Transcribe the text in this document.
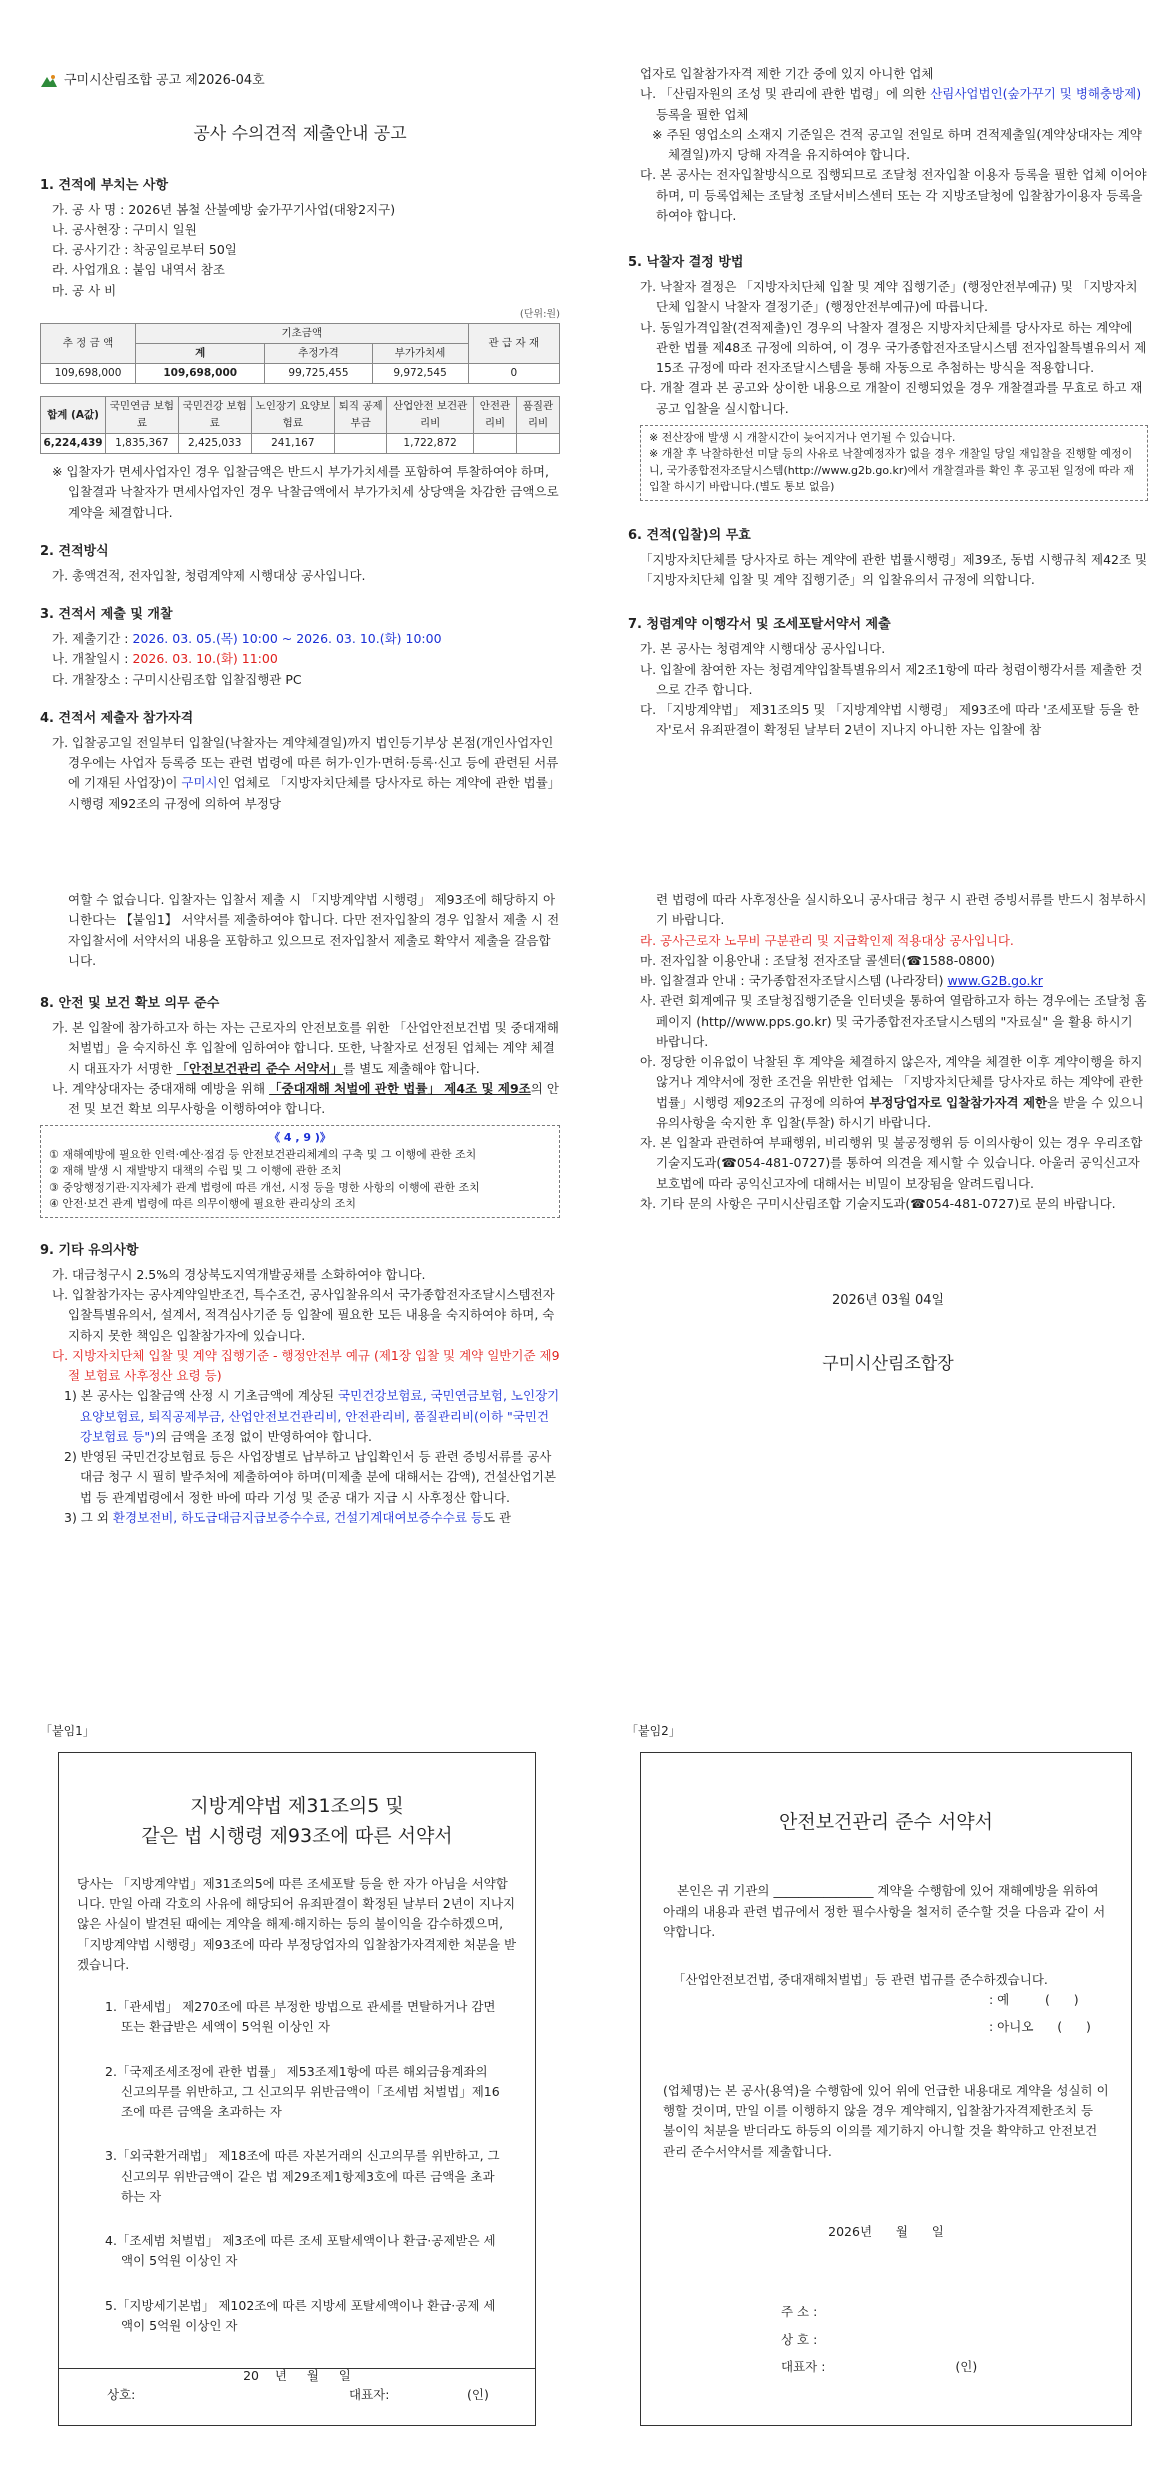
구미시산림조합 공고 제2026-04호
공사 수의견적 제출안내 공고
1. 견적에 부치는 사항

가. 공 사 명 : 2026년 봄철 산불예방 숲가꾸기사업(대왕2지구)

나. 공사현장 : 구미시 일원

다. 공사기간 : 착공일로부터 50일

라. 사업개요 : 붙임 내역서 참조

마. 공 사 비

(단위:원)
추 정 금 액	기초금액			관 급 자 재
	계	추정가격	부가가치세	
109,698,000	109,698,000	99,725,455	9,972,545	0
합계 (A값)	국민연금 보험료	국민건강 보험료	노인장기 요양보험료	퇴직 공제부금	산업안전 보건관리비	안전관리비	품질관리비
6,224,439	1,835,367	2,425,033	241,167		1,722,872		

※ 입찰자가 면세사업자인 경우 입찰금액은 반드시 부가가치세를 포함하여 투찰하여야 하며, 입찰결과 낙찰자가 면세사업자인 경우 낙찰금액에서 부가가치세 상당액을 차감한 금액으로 계약을 체결합니다.

2. 견적방식

가. 총액견적, 전자입찰, 청렴계약제 시행대상 공사입니다.

3. 견적서 제출 및 개찰

가. 제출기간 : 2026. 03. 05.(목) 10:00 ~ 2026. 03. 10.(화) 10:00

나. 개찰일시 : 2026. 03. 10.(화) 11:00

다. 개찰장소 : 구미시산림조합 입찰집행관 PC

4. 견적서 제출자 참가자격

가. 입찰공고일 전일부터 입찰일(낙찰자는 계약체결일)까지 법인등기부상 본점(개인사업자인 경우에는 사업자 등록증 또는 관련 법령에 따른 허가·인가·면허·등록·신고 등에 관련된 서류에 기재된 사업장)이 구미시인 업체로 「지방자치단체를 당사자로 하는 계약에 관한 법률」시행령 제92조의 규정에 의하여 부정당

업자로 입찰참가자격 제한 기간 중에 있지 아니한 업체

나. 「산림자원의 조성 및 관리에 관한 법령」에 의한 산림사업법인(숲가꾸기 및 병해충방제)등록을 필한 업체

※ 주된 영업소의 소재지 기준일은 견적 공고일 전일로 하며 견적제출일(계약상대자는 계약체결일)까지 당해 자격을 유지하여야 합니다.

다. 본 공사는 전자입찰방식으로 집행되므로 조달청 전자입찰 이용자 등록을 필한 업체 이어야 하며, 미 등록업체는 조달청 조달서비스센터 또는 각 지방조달청에 입찰참가이용자 등록을 하여야 합니다.

5. 낙찰자 결정 방법

가. 낙찰자 결정은 「지방자치단체 입찰 및 계약 집행기준」(행정안전부예규) 및 「지방자치단체 입찰시 낙찰자 결정기준」(행정안전부예규)에 따릅니다.

나. 동일가격입찰(견적제출)인 경우의 낙찰자 결정은 지방자치단체를 당사자로 하는 계약에 관한 법률 제48조 규정에 의하여, 이 경우 국가종합전자조달시스템 전자입찰특별유의서 제15조 규정에 따라 전자조달시스템을 통해 자동으로 추첨하는 방식을 적용합니다.

다. 개찰 결과 본 공고와 상이한 내용으로 개찰이 진행되었을 경우 개찰결과를 무효로 하고 재공고 입찰을 실시합니다.

※ 전산장애 발생 시 개찰시간이 늦어지거나 연기될 수 있습니다.

※ 개찰 후 낙찰하한선 미달 등의 사유로 낙찰예정자가 없을 경우 개찰일 당일 재입찰을 진행할 예정이니, 국가종합전자조달시스템(http://www.g2b.go.kr)에서 개찰결과를 확인 후 공고된 일정에 따라 재입찰 하시기 바랍니다.(별도 통보 없음)

6. 견적(입찰)의 무효

「지방자치단체를 당사자로 하는 계약에 관한 법률시행령」제39조, 동법 시행규칙 제42조 및 「지방자치단체 입찰 및 계약 집행기준」의 입찰유의서 규정에 의합니다.

7. 청렴계약 이행각서 및 조세포탈서약서 제출

가. 본 공사는 청렴계약 시행대상 공사입니다.

나. 입찰에 참여한 자는 청렴계약입찰특별유의서 제2조1항에 따라 청렴이행각서를 제출한 것으로 간주 합니다.

다. 「지방계약법」 제31조의5 및 「지방계약법 시행령」 제93조에 따라 '조세포탈 등을 한 자'로서 유죄판결이 확정된 날부터 2년이 지나지 아니한 자는 입찰에 참

여할 수 없습니다. 입찰자는 입찰서 제출 시 「지방계약법 시행령」 제93조에 해당하지 아니한다는 【붙임1】 서약서를 제출하여야 합니다. 다만 전자입찰의 경우 입찰서 제출 시 전자입찰서에 서약서의 내용을 포함하고 있으므로 전자입찰서 제출로 확약서 제출을 갈음합니다.

8. 안전 및 보건 확보 의무 준수

가. 본 입찰에 참가하고자 하는 자는 근로자의 안전보호를 위한 「산업안전보건법 및 중대재해처벌법」을 숙지하신 후 입찰에 임하여야 합니다. 또한, 낙찰자로 선정된 업체는 계약 체결 시 대표자가 서명한 「안전보건관리 준수 서약서」를 별도 제출해야 합니다.

나. 계약상대자는 중대재해 예방을 위해 「중대재해 처벌에 관한 법률」 제4조 및 제9조의 안전 및 보건 확보 의무사항을 이행하여야 합니다.

《 4 , 9 )》

① 재해예방에 필요한 인력·예산·점검 등 안전보건관리체계의 구축 및 그 이행에 관한 조치

② 재해 발생 시 재발방지 대책의 수립 및 그 이행에 관한 조치

③ 중앙행정기관·지자체가 관계 법령에 따른 개선, 시정 등을 명한 사항의 이행에 관한 조치

④ 안전·보건 관계 법령에 따른 의무이행에 필요한 관리상의 조치

9. 기타 유의사항

가. 대금청구시 2.5%의 경상북도지역개발공채를 소화하여야 합니다.

나. 입찰참가자는 공사계약일반조건, 특수조건, 공사입찰유의서 국가종합전자조달시스템전자입찰특별유의서, 설계서, 적격심사기준 등 입찰에 필요한 모든 내용을 숙지하여야 하며, 숙지하지 못한 책임은 입찰참가자에 있습니다.

다. 지방자치단체 입찰 및 계약 집행기준 - 행정안전부 예규 (제1장 입찰 및 계약 일반기준 제9절 보험료 사후정산 요령 등)

1) 본 공사는 입찰금액 산정 시 기초금액에 계상된 국민건강보험료, 국민연금보험, 노인장기요양보험료, 퇴직공제부금, 산업안전보건관리비, 안전관리비, 품질관리비(이하 "국민건강보험료 등")의 금액을 조정 없이 반영하여야 합니다.

2) 반영된 국민건강보험료 등은 사업장별로 납부하고 납입확인서 등 관련 증빙서류를 공사대금 청구 시 필히 발주처에 제출하여야 하며(미제출 분에 대해서는 감액), 건설산업기본법 등 관계법령에서 정한 바에 따라 기성 및 준공 대가 지급 시 사후정산 합니다.

3) 그 외 환경보전비, 하도급대금지급보증수수료, 건설기계대여보증수수료 등도 관

련 법령에 따라 사후정산을 실시하오니 공사대금 청구 시 관련 증빙서류를 반드시 첨부하시기 바랍니다.

라. 공사근로자 노무비 구분관리 및 지급확인제 적용대상 공사입니다.

마. 전자입찰 이용안내 : 조달청 전자조달 콜센터(☎1588-0800)

바. 입찰결과 안내 : 국가종합전자조달시스템 (나라장터) www.G2B.go.kr

사. 관련 회계예규 및 조달청집행기준을 인터넷을 통하여 열람하고자 하는 경우에는 조달청 홈페이지 (http//www.pps.go.kr) 및 국가종합전자조달시스템의 "자료실" 을 활용 하시기 바랍니다.

아. 정당한 이유없이 낙찰된 후 계약을 체결하지 않은자, 계약을 체결한 이후 계약이행을 하지 않거나 계약서에 정한 조건을 위반한 업체는 「지방자치단체를 당사자로 하는 계약에 관한 법률」시행령 제92조의 규정에 의하여 부정당업자로 입찰참가자격 제한을 받을 수 있으니 유의사항을 숙지한 후 입찰(투찰) 하시기 바랍니다.

자. 본 입찰과 관련하여 부패행위, 비리행위 및 불공정행위 등 이의사항이 있는 경우 우리조합 기술지도과(☎054-481-0727)를 통하여 의견을 제시할 수 있습니다. 아울러 공익신고자보호법에 따라 공익신고자에 대해서는 비밀이 보장됨을 알려드립니다.

차. 기타 문의 사항은 구미시산림조합 기술지도과(☎054-481-0727)로 문의 바랍니다.

2026년 03월 04일

구미시산림조합장

「붙임1」
지방계약법 제31조의5 및
같은 법 시행령 제93조에 따른 서약서

당사는 「지방계약법」제31조의5에 따른 조세포탈 등을 한 자가 아님을 서약합니다. 만일 아래 각호의 사유에 해당되어 유죄판결이 확정된 날부터 2년이 지나지 않은 사실이 발견된 때에는 계약을 해제·해지하는 등의 불이익을 감수하겠으며,「지방계약법 시행령」제93조에 따라 부정당업자의 입찰참가자격제한 처분을 받겠습니다.

1.「관세법」 제270조에 따른 부정한 방법으로 관세를 면탈하거나 감면 또는 환급받은 세액이 5억원 이상인 자

2.「국제조세조정에 관한 법률」 제53조제1항에 따른 해외금융계좌의 신고의무를 위반하고, 그 신고의무 위반금액이「조세범 처벌법」제16조에 따른 금액을 초과하는 자

3.「외국환거래법」 제18조에 따른 자본거래의 신고의무를 위반하고, 그 신고의무 위반금액이 같은 법 제29조제1항제3호에 따른 금액을 초과하는 자

4.「조세범 처벌법」 제3조에 따른 조세 포탈세액이나 환급·공제받은 세액이 5억원 이상인 자

5.「지방세기본법」 제102조에 따른 지방세 포탈세액이나 환급·공제 세액이 5억원 이상인 자

20    년     월     일

상호:	대표자:	(인)
「붙임2」
안전보건관리 준수 서약서

본인은 귀 기관의 ________________ 계약을 수행함에 있어 재해예방을 위하여 아래의 내용과 관련 법규에서 정한 필수사항을 철저히 준수할 것을 다음과 같이 서약합니다.

「산업안전보건법, 중대재해처벌법」등 관련 법규를 준수하겠습니다.

: 예         (      )

: 아니오      (      )

(업체명)는 본 공사(용역)을 수행함에 있어 위에 언급한 내용대로 계약을 성실히 이행할 것이며, 만일 이를 이행하지 않을 경우 계약해지, 입찰참가자격제한조치 등 불이익 처분을 받더라도 하등의 이의를 제기하지 아니할 것을 확약하고 안전보건관리 준수서약서를 제출합니다.

2026년      월      일

주 소 :

상 호 :

대표자 :	(인)
